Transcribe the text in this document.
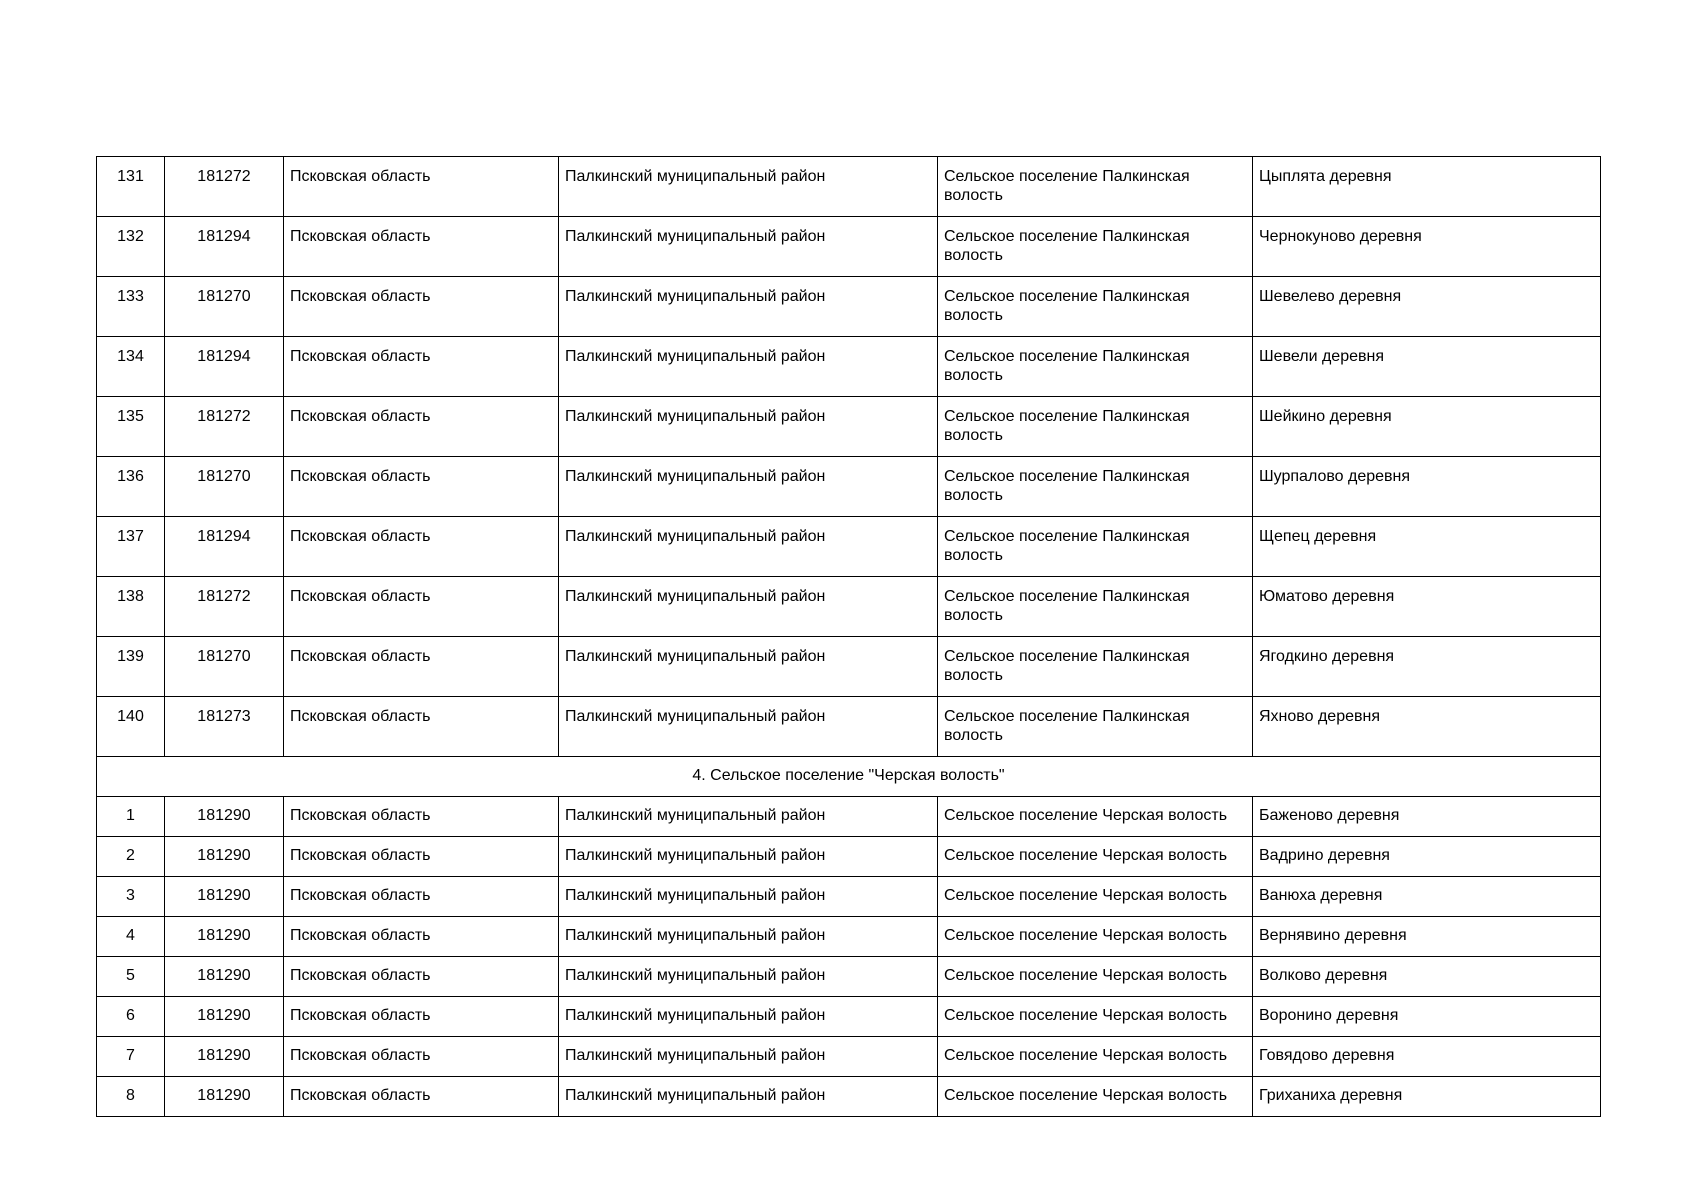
131	181272	Псковская область	Палкинский муниципальный район	Сельское поселение Палкинская волость	Цыплята деревня
132	181294	Псковская область	Палкинский муниципальный район	Сельское поселение Палкинская волость	Чернокуново деревня
133	181270	Псковская область	Палкинский муниципальный район	Сельское поселение Палкинская волость	Шевелево деревня
134	181294	Псковская область	Палкинский муниципальный район	Сельское поселение Палкинская волость	Шевели деревня
135	181272	Псковская область	Палкинский муниципальный район	Сельское поселение Палкинская волость	Шейкино деревня
136	181270	Псковская область	Палкинский муниципальный район	Сельское поселение Палкинская волость	Шурпалово деревня
137	181294	Псковская область	Палкинский муниципальный район	Сельское поселение Палкинская волость	Щепец деревня
138	181272	Псковская область	Палкинский муниципальный район	Сельское поселение Палкинская волость	Юматово деревня
139	181270	Псковская область	Палкинский муниципальный район	Сельское поселение Палкинская волость	Ягодкино деревня
140	181273	Псковская область	Палкинский муниципальный район	Сельское поселение Палкинская волость	Яхново деревня
4. Сельское поселение "Черская волость"					
1	181290	Псковская область	Палкинский муниципальный район	Сельское поселение Черская волость	Баженово деревня
2	181290	Псковская область	Палкинский муниципальный район	Сельское поселение Черская волость	Вадрино деревня
3	181290	Псковская область	Палкинский муниципальный район	Сельское поселение Черская волость	Ванюха деревня
4	181290	Псковская область	Палкинский муниципальный район	Сельское поселение Черская волость	Вернявино деревня
5	181290	Псковская область	Палкинский муниципальный район	Сельское поселение Черская волость	Волково деревня
6	181290	Псковская область	Палкинский муниципальный район	Сельское поселение Черская волость	Воронино деревня
7	181290	Псковская область	Палкинский муниципальный район	Сельское поселение Черская волость	Говядово деревня
8	181290	Псковская область	Палкинский муниципальный район	Сельское поселение Черская волость	Гриханиха деревня
